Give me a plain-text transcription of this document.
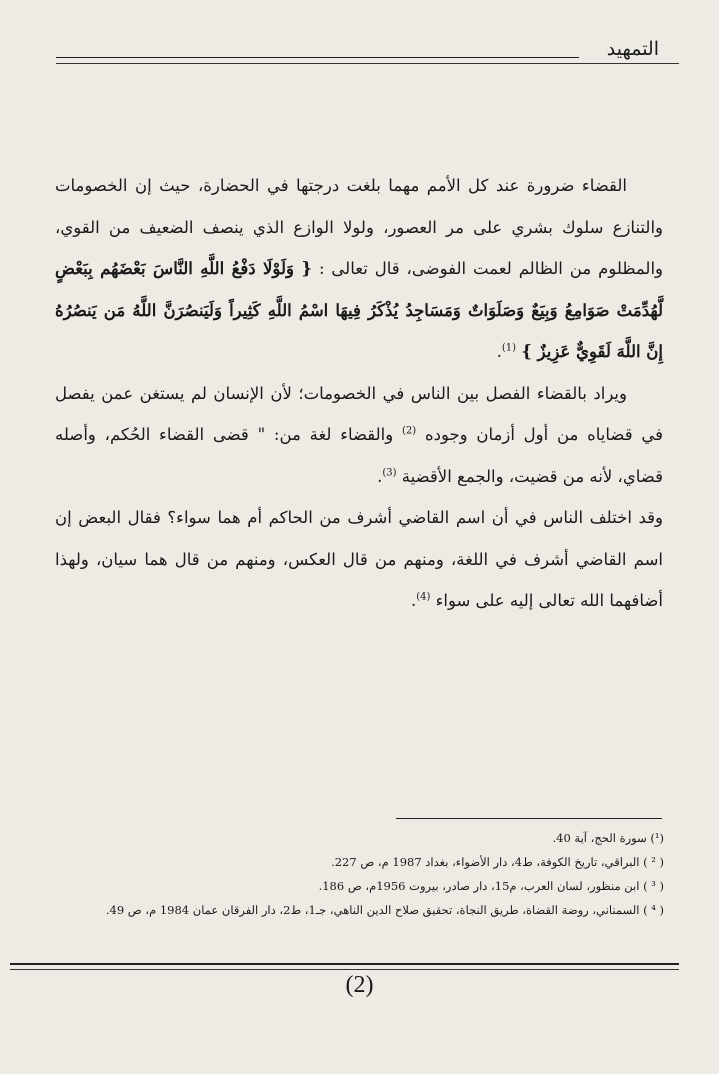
التمهيد

القضاء ضرورة عند كل الأمم مهما بلغت درجتها في الحضارة، حيث إن الخصومات والتنازع سلوك بشري على مر العصور، ولولا الوازع الذي ينصف الضعيف من القوي، والمظلوم من الظالم لعمت الفوضى، قال تعالى : { وَلَوْلَا دَفْعُ اللَّهِ النَّاسَ بَعْضَهُم بِبَعْضٍ لَّهُدِّمَتْ صَوَامِعُ وَبِيَعٌ وَصَلَوَاتٌ وَمَسَاجِدُ يُذْكَرُ فِيهَا اسْمُ اللَّهِ كَثِيراً وَلَيَنصُرَنَّ اللَّهُ مَن يَنصُرُهُ إِنَّ اللَّهَ لَقَوِيٌّ عَزِيزٌ } $^{(1)}$.

ويراد بالقضاء الفصل بين الناس في الخصومات؛ لأن الإنسان لم يستغن عمن يفصل في قضاياه من أول أزمان وجوده $^{(2)}$ والقضاء لغة من: " قضى القضاء الحُكم، وأصله قضاي، لأنه من قضيت، والجمع الأقضية $^{(3)}$.

وقد اختلف الناس في أن اسم القاضي أشرف من الحاكم أم هما سواء؟ فقال البعض إن اسم القاضي أشرف في اللغة، ومنهم من قال العكس، ومنهم من قال هما سيان، ولهذا أضافهما الله تعالى إليه على سواء $^{(4)}$.

(¹) سورة الحج، آية 40.
( ² ) البراقي، تاريخ الكوفة، ط4، دار الأضواء، بغداد 1987 م، ص 227.
( ³ ) ابن منظور، لسان العرب، م15، دار صادر، بيروت 1956م، ص 186.
( ⁴ ) السمناني، روضة القضاة، طريق النجاة، تحقيق صلاح الدين الناهي، جـ1، ط2، دار الفرقان عمان 1984 م، ص 49.
(2)
